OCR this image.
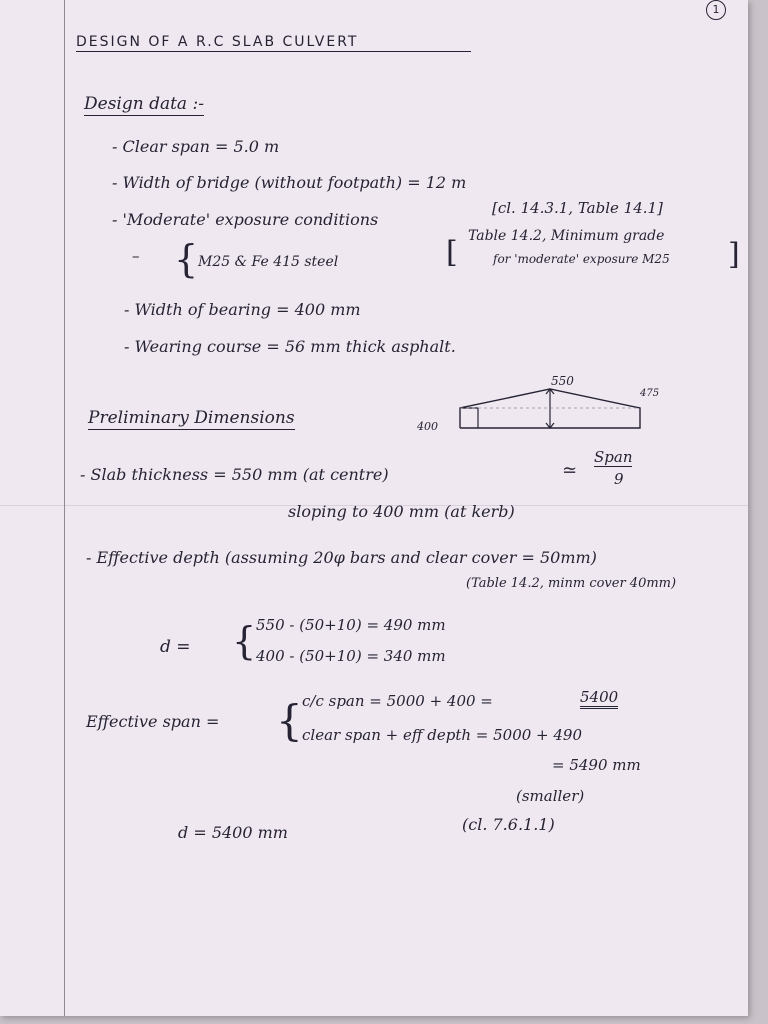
1
DESIGN OF A R.C SLAB CULVERT
Design data :-
- Clear span = 5.0 m
- Width of bridge (without footpath) = 12 m
- 'Moderate' exposure conditions
[cl. 14.3.1, Table 14.1]
– { M25 & Fe 415 steel	[ Table 14.2, Minimum grade
for 'moderate' exposure M25 ]
- Width of bearing = 400 mm
- Wearing course = 56 mm thick asphalt.
Preliminary Dimensions
550
400
475
- Slab thickness = 550 mm (at centre)	≃
Span
9
sloping to 400 mm (at kerb)
- Effective depth (assuming 20φ bars and clear cover = 50mm)
(Table 14.2, minm cover 40mm)
d = { 550 - (50+10) = 490 mm
400 - (50+10) = 340 mm
Effective span = { c/c span = 5000 + 400 =	5400
clear span + eff depth = 5000 + 490
= 5490 mm
(smaller)
(cl. 7.6.1.1)
d = 5400 mm
